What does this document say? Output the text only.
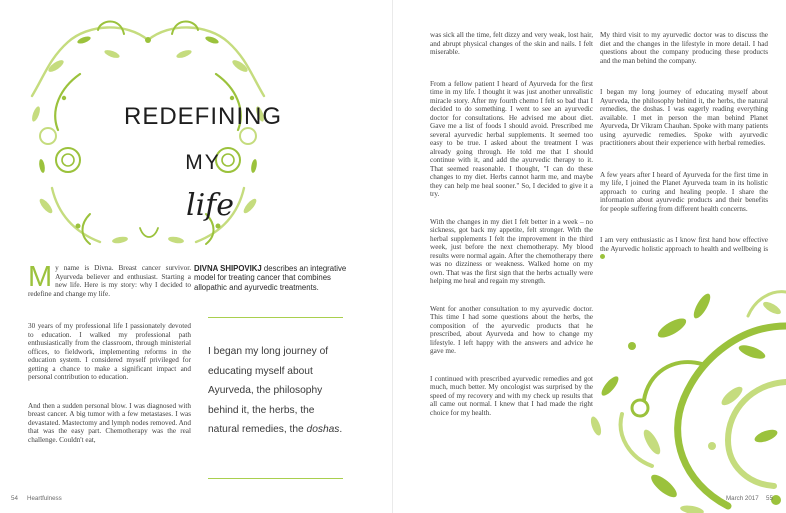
REDEFINING
MY
life

My name is Divna. Breast cancer survivor. Ayurveda believer and enthusiast. Starting a new life. Here is my story: why I decided to redefine and change my life.

30 years of my professional life I passionately devoted to education. I walked my professional path enthusiastically from the classroom, through ministerial offices, to fieldwork, implementing reforms in the education system. I considered myself privileged for getting a chance to make a significant impact and personal contribution to education.

And then a sudden personal blow. I was diagnosed with breast cancer. A big tumor with a few metastases. I was devastated. Mastectomy and lymph nodes removed. And that was the easy part. Chemotherapy was the real challenge. Couldn't eat,

DIVNA SHIPOVIKJ describes an integrative model for treating cancer that combines allopathic and ayurvedic treatments.

I began my long journey of educating myself about Ayurveda, the philosophy behind it, the herbs, the natural remedies, the doshas.

54 Heartfulness

was sick all the time, felt dizzy and very weak, lost hair, and abrupt physical changes of the skin and nails. I felt miserable.

From a fellow patient I heard of Ayurveda for the first time in my life. I thought it was just another unrealistic miracle story. After my fourth chemo I felt so bad that I decided to do something. I went to see an ayurvedic doctor for consultations. He advised me about diet. Gave me a list of foods I should avoid. Prescribed me several ayurvedic herbal supplements. It seemed too easy to be true. I asked about the treatment I was already going through. He told me that I should continue with it, and add the ayurvedic therapy to it. That seemed reasonable. I thought, "I can do these changes to my diet. Herbs cannot harm me, and maybe they can help me heal sooner." So, I decided to give it a try.

With the changes in my diet I felt better in a week – no sickness, got back my appetite, felt stronger. With the herbal supplements I felt the improvement in the third week, just before the next chemotherapy. My blood results were normal again. After the chemotherapy there was no dizziness or weakness. Walked home on my own. That was the first sign that the herbs actually were helping me heal and regain my strength.

Went for another consultation to my ayurvedic doctor. This time I had some questions about the herbs, the composition of the ayurvedic products that he prescribed, about Ayurveda and how to change my lifestyle. I left happy with the answers and advice he gave me.

I continued with prescribed ayurvedic remedies and got much, much better. My oncologist was surprised by the speed of my recovery and with my check up results that all came out normal. I knew that I had made the right choice for my health.

My third visit to my ayurvedic doctor was to discuss the diet and the changes in the lifestyle in more detail. I had questions about the company producing these products and the man behind the company.

I began my long journey of educating myself about Ayurveda, the philosophy behind it, the herbs, the natural remedies, the doshas. I was eagerly reading everything available. I met in person the man behind Planet Ayurveda, Dr Vikram Chauhan. Spoke with many patients using ayurvedic remedies. Spoke with ayurvedic practitioners about their experience with herbal remedies.

A few years after I heard of Ayurveda for the first time in my life, I joined the Planet Ayurveda team in its holistic approach to curing and healing people. I share the information about ayurvedic products and their benefits for people suffering from different health concerns.

I am very enthusiastic as I know first hand how effective the Ayurvedic holistic approach to health and wellbeing is

March 2017 55
